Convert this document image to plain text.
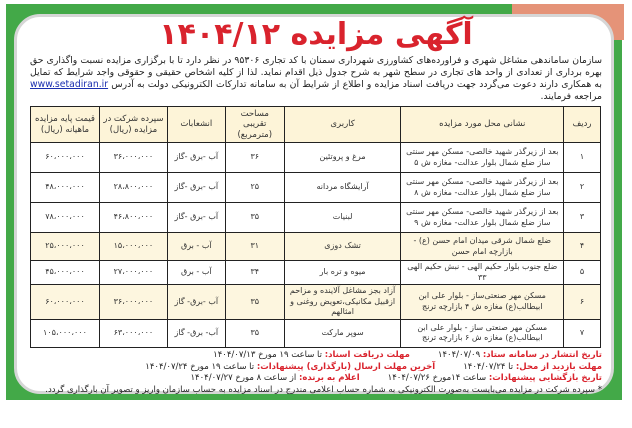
آگهی مزایده ۱۴۰۴/۱۲
سازمان ساماندهی مشاغل شهری و فراورده‌های کشاورزی شهرداری سمنان با کد تجاری ۹۵۳۰۶ در نظر دارد تا با برگزاری مزایده نسبت واگذاری حق بهره برداری از تعدادی از واحد های تجاری در سطح شهر به شرح جدول ذیل اقدام نماید. لذا از کلیه اشخاص حقیقی و حقوقی واجد شرایط که تمایل به همکاری دارند دعوت می‌گردد جهت دریافت اسناد مزایده و اطلاع از شرایط آن به سامانه تدارکات الکترونیکی دولت به آدرس www.setadiran.ir مراجعه فرمایند.
ردیف	نشانی محل مورد مزایده	کاربری	مساحت تقریبی (مترمربع)	انشعابات	سپرده شرکت در مزایده (ریال)	قیمت پایه مزایده ماهیانه (ریال)
۱	بعد از زیرگذر شهید خالصی- مسکن مهر سنتی ساز ضلع شمال بلوار عدالت- مغازه ش ۵	مرغ و پروتئین	۳۶	آب -برق -گاز	۳۶،۰۰۰،۰۰۰	۶۰،۰۰۰،۰۰۰
۲	بعد از زیرگذر شهید خالصی- مسکن مهر سنتی ساز ضلع شمال بلوار عدالت- مغازه ش ۸	آرایشگاه مردانه	۲۵	آب -برق -گاز	۲۸،۸۰۰،۰۰۰	۴۸،۰۰۰،۰۰۰
۳	بعد از زیرگذر شهید خالصی- مسکن مهر سنتی ساز ضلع شمال بلوار عدالت- مغازه ش ۹	لبنیات	۳۵	آب -برق -گاز	۴۶،۸۰۰،۰۰۰	۷۸،۰۰۰،۰۰۰
۴	ضلع شمال شرقی میدان امام حسن (ع) - بازارچه امام حسن	تشک دوزی	۳۱	آب - برق	۱۵،۰۰۰،۰۰۰	۲۵،۰۰۰،۰۰۰
۵	ضلع جنوب بلوار حکیم الهی - نبش حکیم الهی ۳۳	میوه و تره بار	۳۴	آب - برق	۲۷،۰۰۰،۰۰۰	۴۵،۰۰۰،۰۰۰
۶	مسکن مهر صنعتی‌ساز - بلوار علی ابن ابیطالب(ع) مغازه ش ۴ بازارچه ترنج	آزاد بجز مشاغل آلاینده و مزاحم ازقبیل مکانیکی،تعویض روغنی و امثالهم	۳۵	آب -برق- گاز	۳۶،۰۰۰،۰۰۰	۶۰،۰۰۰،۰۰۰
۷	مسکن مهر صنعتی ساز - بلوار علی ابن ابیطالب(ع) مغازه ش ۶ بازارچه ترنج	سوپر مارکت	۳۵	آب- برق- گاز	۶۳،۰۰۰،۰۰۰	۱۰۵،۰۰۰،۰۰۰
تاریخ انتشار در سامانه ستاد: ۱۴۰۴/۰۷/۰۹مهلت دریافت اسناد: تا ساعت ۱۹ مورخ ۱۴۰۴/۰۷/۱۳
مهلت بازدید از محل: تا ۱۴۰۴/۰۷/۲۴آخرین مهلت ارسال (بارگذاری) پیشنهادات: تا ساعت ۱۹ مورخ ۱۴۰۴/۰۷/۲۴
تاریخ بازگشایی پیشنهادات: ساعت ۱۴مورخ ۱۴۰۴/۰۷/۲۶اعلام به برنده: از ساعت ۸ مورخ ۱۴۰۴/۰۷/۲۷
* سپرده شرکت در مزایده می‌بایست به‌صورت الکترونیکی به شماره حساب اعلامی مندرج در اسناد مزایده به حساب سازمان واریز و تصویر آن بارگذاری گردد.
